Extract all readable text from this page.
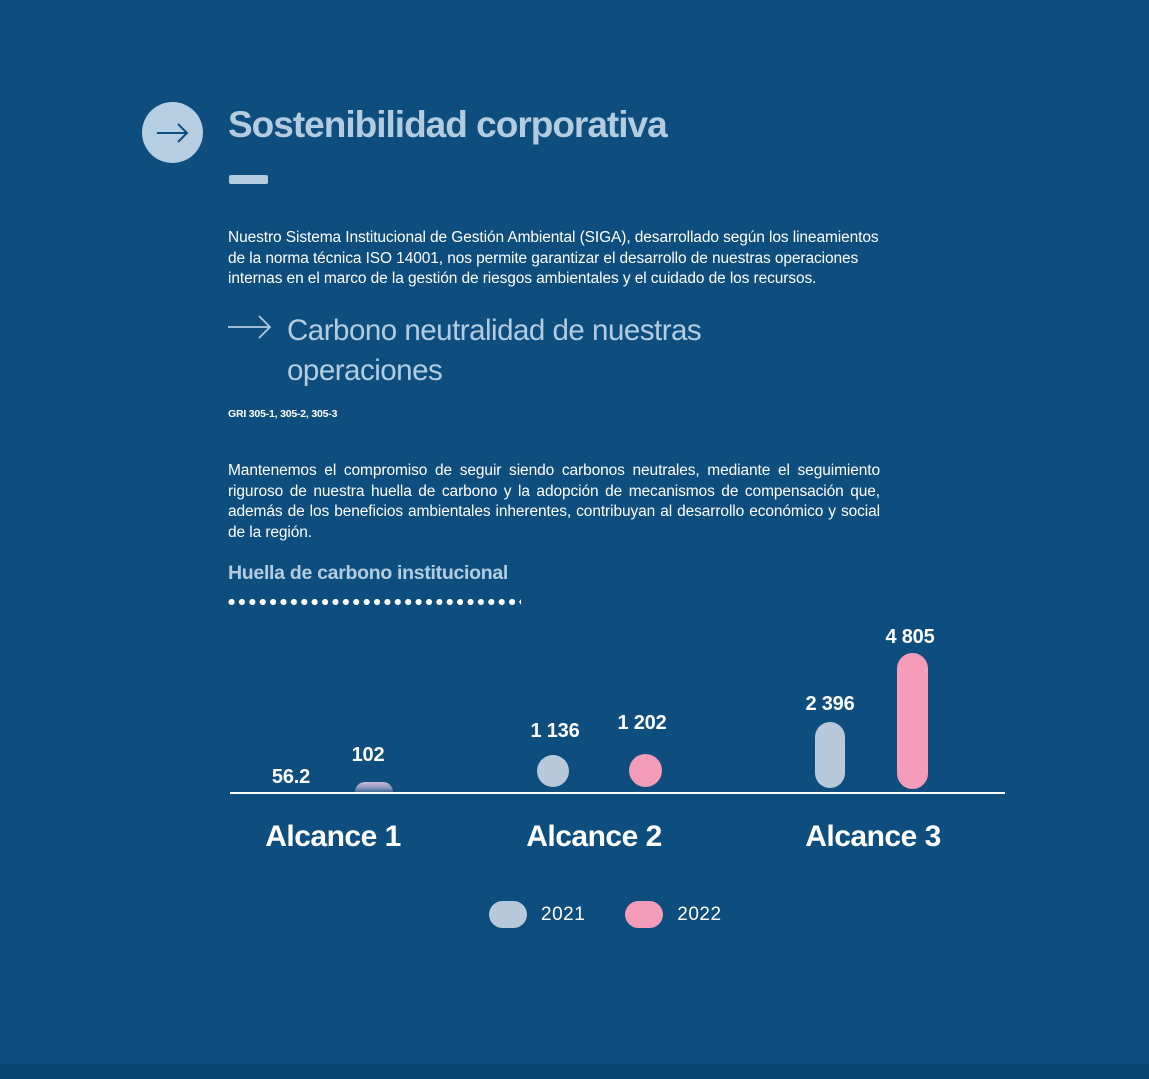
Sostenibilidad corporativa
Nuestro Sistema Institucional de Gestión Ambiental (SIGA), desarrollado según los lineamientos de la norma técnica ISO 14001, nos permite garantizar el desarrollo de nuestras operaciones internas en el marco de la gestión de riesgos ambientales y el cuidado de los recursos.
Carbono neutralidad de nuestras operaciones
GRI 305-1, 305-2, 305-3
Mantenemos el compromiso de seguir siendo carbonos neutrales, mediante el seguimiento riguroso de nuestra huella de carbono y la adopción de mecanismos de compensación que, además de los beneficios ambientales inherentes, contribuyan al desarrollo económico y social de la región.
Huella de carbono institucional
56.2
102
1 136 1 202
2 396
4 805
Alcance 1	Alcance 2	Alcance 3
2021	2022
